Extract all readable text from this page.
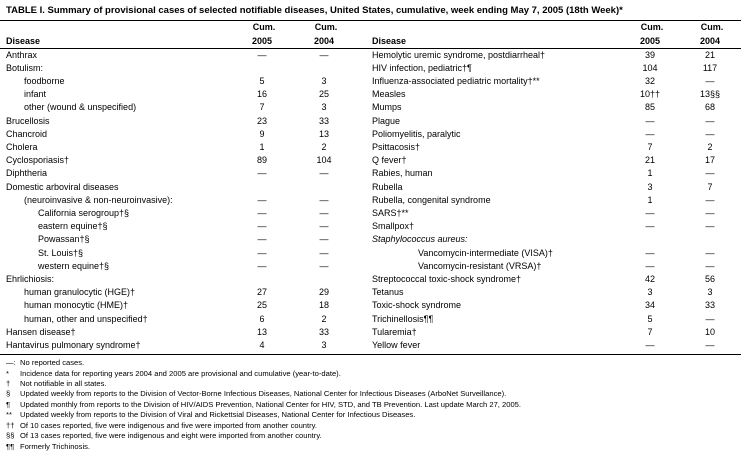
TABLE I. Summary of provisional cases of selected notifiable diseases, United States, cumulative, week ending May 7, 2005 (18th Week)*
	Cum.	Cum.			Cum.	Cum.
Disease	2005	2004		Disease	2005	2004
Anthrax	—	—		Hemolytic uremic syndrome, postdiarrheal†	39	21
Botulism:				HIV infection, pediatric†¶	104	117
foodborne	5	3		Influenza-associated pediatric mortality†**	32	—
infant	16	25		Measles	10††	13§§
other (wound & unspecified)	7	3		Mumps	85	68
Brucellosis	23	33		Plague	—	—
Chancroid	9	13		Poliomyelitis, paralytic	—	—
Cholera	1	2		Psittacosis†	7	2
Cyclosporiasis†	89	104		Q fever†	21	17
Diphtheria	—	—		Rabies, human	1	—
Domestic arboviral diseases				Rubella	3	7
(neuroinvasive & non-neuroinvasive):	—	—		Rubella, congenital syndrome	1	—
California serogroup†§	—	—		SARS†**	—	—
eastern equine†§	—	—		Smallpox†	—	—
Powassan†§	—	—		Staphylococcus aureus:		
St. Louis†§	—	—		Vancomycin-intermediate (VISA)†	—	—
western equine†§	—	—		Vancomycin-resistant (VRSA)†	—	—
Ehrlichiosis:				Streptococcal toxic-shock syndrome†	42	56
human granulocytic (HGE)†	27	29		Tetanus	3	3
human monocytic (HME)†	25	18		Toxic-shock syndrome	34	33
human, other and unspecified†	6	2		Trichinellosis¶¶	5	—
Hansen disease†	13	33		Tularemia†	7	10
Hantavirus pulmonary syndrome†	4	3		Yellow fever	—	—
—: No reported cases.
*	Incidence data for reporting years 2004 and 2005 are provisional and cumulative (year-to-date).
†	Not notifiable in all states.
§	Updated weekly from reports to the Division of Vector-Borne Infectious Diseases, National Center for Infectious Diseases (ArboNet Surveillance).
¶	Updated monthly from reports to the Division of HIV/AIDS Prevention, National Center for HIV, STD, and TB Prevention. Last update March 27, 2005.
**	Updated weekly from reports to the Division of Viral and Rickettsial Diseases, National Center for Infectious Diseases.
†† Of 10 cases reported, five were indigenous and five were imported from another country.
§§ Of 13 cases reported, five were indigenous and eight were imported from another country.
¶¶ Formerly Trichinosis.
